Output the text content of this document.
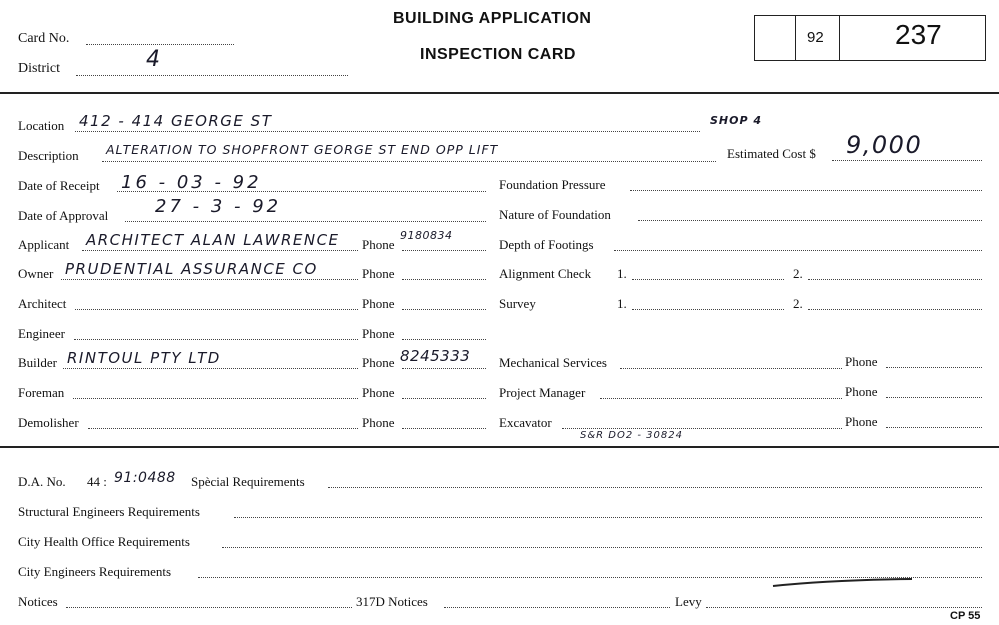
Card No.
District	4
BUILDING APPLICATION
INSPECTION CARD
92	237
Location 412 - 414 GEORGE ST
Description ALTERATION TO SHOPFRONT GEORGE ST END OPP LIFT
Date of Receipt 16 - 03 - 92
Date of Approval	27 - 3 - 92
Applicant ARCHITECT ALAN LAWRENCE Phone
9180834
Owner PRUDENTIAL ASSURANCE CO	Phone
Architect	Phone
Engineer	Phone
Builder RINTOUL PTY LTD	Phone 8245333
Foreman	Phone
Demolisher	Phone
SHOP 4
Estimated Cost $ 9,000
Foundation Pressure
Nature of Foundation
Depth of Footings
Alignment Check 1.	2.
Survey	1.	2.
Mechanical Services	Phone
Project Manager	Phone
Excavator	Phone
S&R DO2 - 30824
D.A. No. 44 : 91:0488 Spècial Requirements
Structural Engineers Requirements
City Health Office Requirements
City Engineers Requirements
Notices	317D Notices	Levy
CP 55
